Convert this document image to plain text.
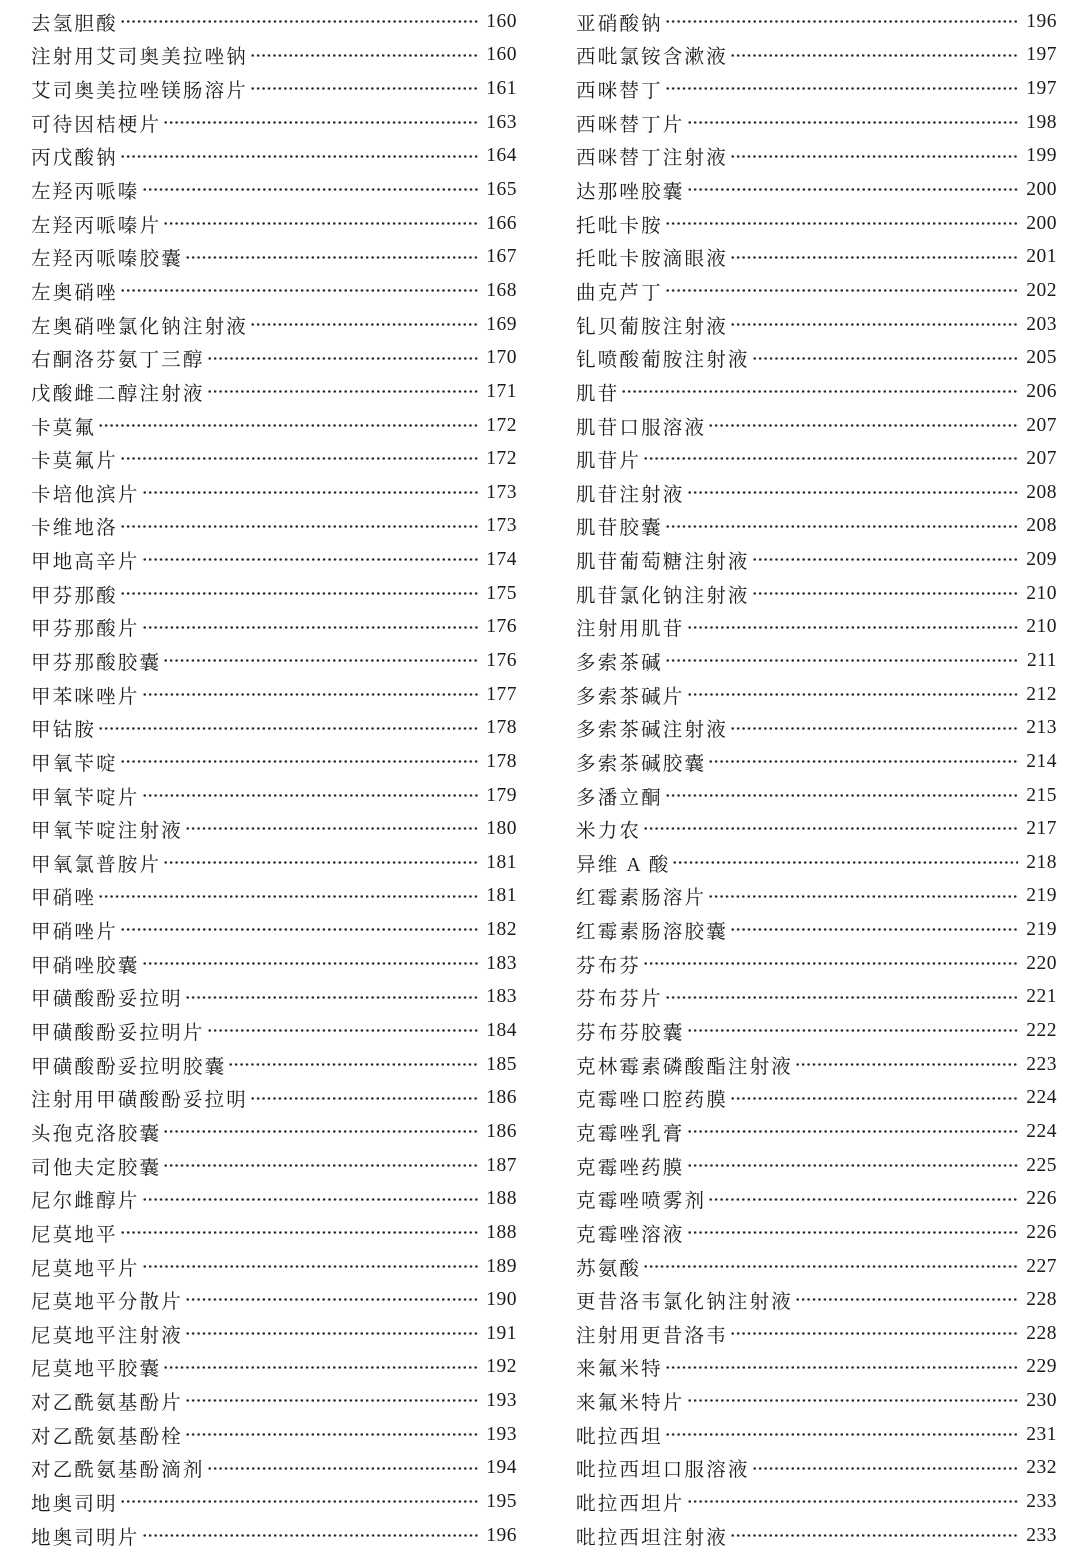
去氢胆酸	160
注射用艾司奥美拉唑钠	160
艾司奥美拉唑镁肠溶片	161
可待因桔梗片	163
丙戊酸钠	164
左羟丙哌嗪	165
左羟丙哌嗪片	166
左羟丙哌嗪胶囊	167
左奥硝唑	168
左奥硝唑氯化钠注射液	169
右酮洛芬氨丁三醇	170
戊酸雌二醇注射液	171
卡莫氟	172
卡莫氟片	172
卡培他滨片	173
卡维地洛	173
甲地高辛片	174
甲芬那酸	175
甲芬那酸片	176
甲芬那酸胶囊	176
甲苯咪唑片	177
甲钴胺	178
甲氧苄啶	178
甲氧苄啶片	179
甲氧苄啶注射液	180
甲氧氯普胺片	181
甲硝唑	181
甲硝唑片	182
甲硝唑胶囊	183
甲磺酸酚妥拉明	183
甲磺酸酚妥拉明片	184
甲磺酸酚妥拉明胶囊	185
注射用甲磺酸酚妥拉明	186
头孢克洛胶囊	186
司他夫定胶囊	187
尼尔雌醇片	188
尼莫地平	188
尼莫地平片	189
尼莫地平分散片	190
尼莫地平注射液	191
尼莫地平胶囊	192
对乙酰氨基酚片	193
对乙酰氨基酚栓	193
对乙酰氨基酚滴剂	194
地奥司明	195
地奥司明片	196
亚硝酸钠	196
西吡氯铵含漱液	197
西咪替丁	197
西咪替丁片	198
西咪替丁注射液	199
达那唑胶囊	200
托吡卡胺	200
托吡卡胺滴眼液	201
曲克芦丁	202
钆贝葡胺注射液	203
钆喷酸葡胺注射液	205
肌苷	206
肌苷口服溶液	207
肌苷片	207
肌苷注射液	208
肌苷胶囊	208
肌苷葡萄糖注射液	209
肌苷氯化钠注射液	210
注射用肌苷	210
多索茶碱	211
多索茶碱片	212
多索茶碱注射液	213
多索茶碱胶囊	214
多潘立酮	215
米力农	217
异维 A 酸	218
红霉素肠溶片	219
红霉素肠溶胶囊	219
芬布芬	220
芬布芬片	221
芬布芬胶囊	222
克林霉素磷酸酯注射液	223
克霉唑口腔药膜	224
克霉唑乳膏	224
克霉唑药膜	225
克霉唑喷雾剂	226
克霉唑溶液	226
苏氨酸	227
更昔洛韦氯化钠注射液	228
注射用更昔洛韦	228
来氟米特	229
来氟米特片	230
吡拉西坦	231
吡拉西坦口服溶液	232
吡拉西坦片	233
吡拉西坦注射液	233
